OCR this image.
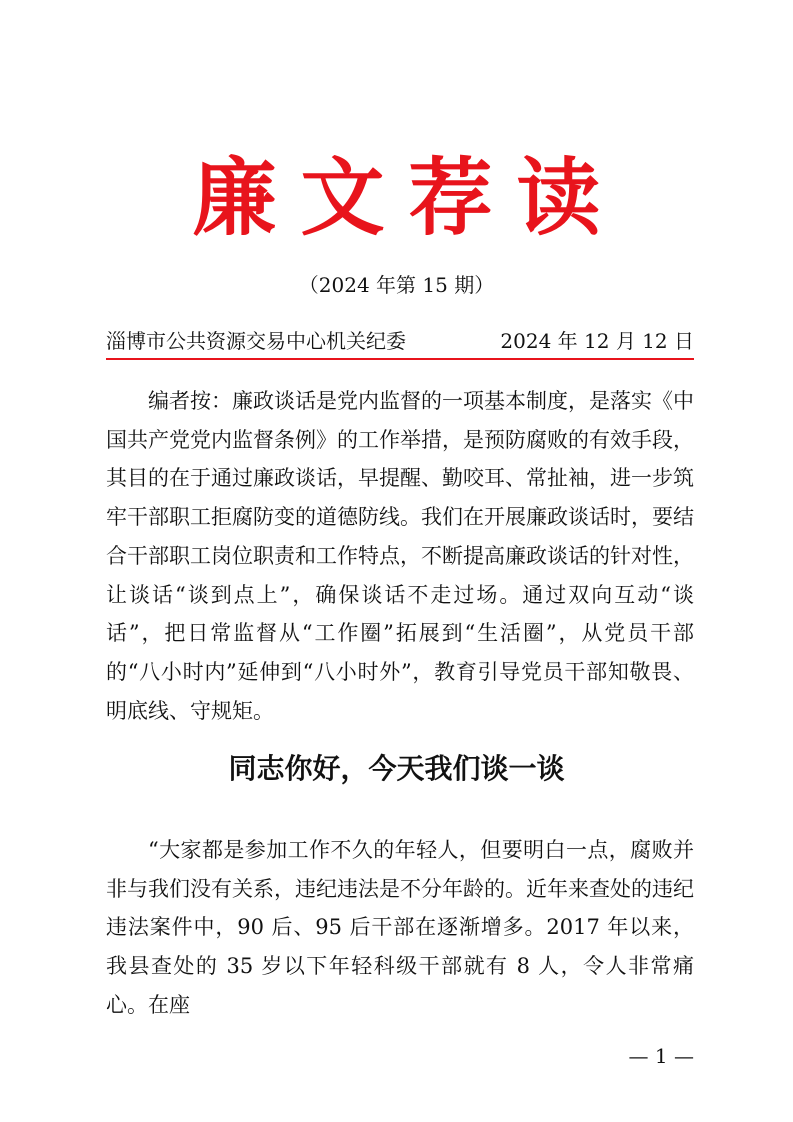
廉文荐读
（2024 年第 15 期）
淄博市公共资源交易中心机关纪委	2024 年 12 月 12 日

编者按：廉政谈话是党内监督的一项基本制度，是落实《中国共产党党内监督条例》的工作举措，是预防腐败的有效手段，其目的在于通过廉政谈话，早提醒、勤咬耳、常扯袖，进一步筑牢干部职工拒腐防变的道德防线。我们在开展廉政谈话时，要结合干部职工岗位职责和工作特点，不断提高廉政谈话的针对性，让谈话“谈到点上”，确保谈话不走过场。通过双向互动“谈话”，把日常监督从“工作圈”拓展到“生活圈”，从党员干部的“八小时内”延伸到“八小时外”，教育引导党员干部知敬畏、明底线、守规矩。

同志你好，今天我们谈一谈

“大家都是参加工作不久的年轻人，但要明白一点，腐败并非与我们没有关系，违纪违法是不分年龄的。近年来查处的违纪违法案件中，90 后、95 后干部在逐渐增多。2017 年以来，我县查处的 35 岁以下年轻科级干部就有 8 人，令人非常痛心。在座

— 1 —
